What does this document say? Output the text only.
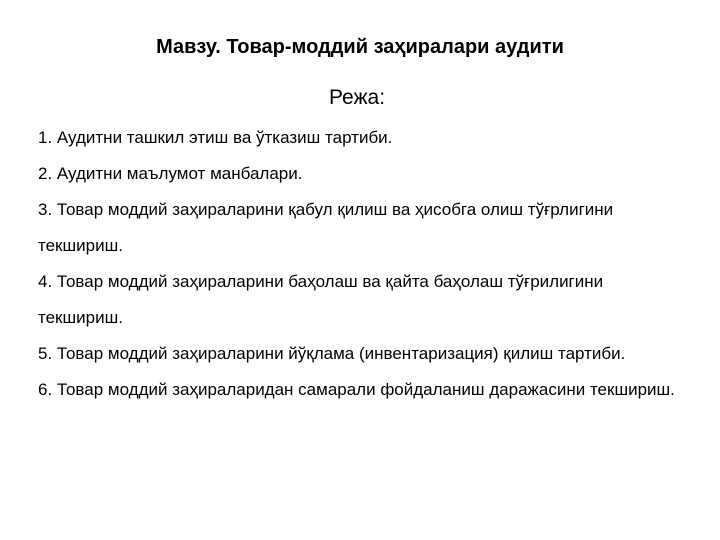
Мавзу. Товар-моддий заҳиралари аудити
Режа:
1. Аудитни ташкил этиш ва ўтказиш тартиби.
2. Аудитни маълумот манбалари.
3. Товар моддий заҳираларини қабул қилиш ва ҳисобга олиш тўғрлигини текшириш.
4. Товар моддий заҳираларини баҳолаш ва қайта баҳолаш тўғрилигини текшириш.
5. Товар моддий заҳираларини йўқлама (инвентаризация) қилиш тартиби.
6. Товар моддий заҳираларидан самарали фойдаланиш даражасини текшириш.
